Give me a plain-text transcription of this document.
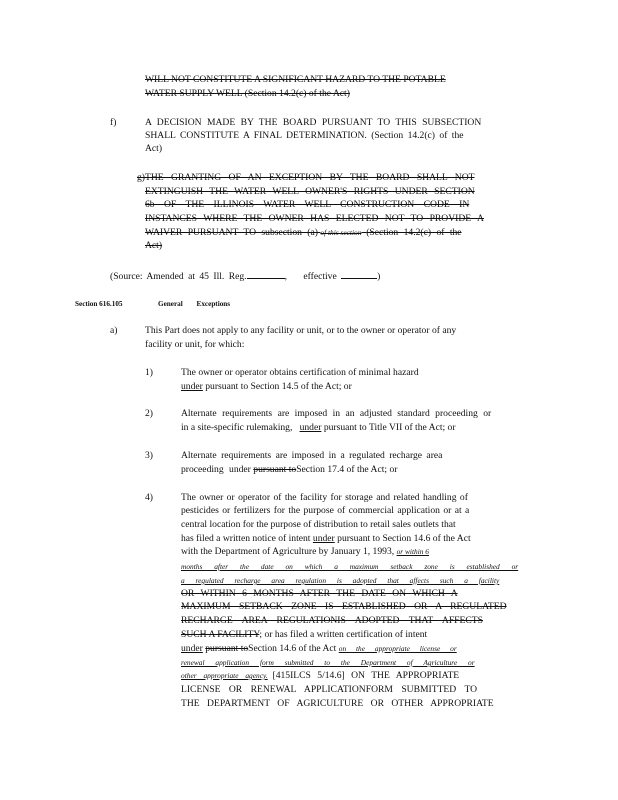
WILL NOT CONSTITUTE A SIGNIFICANT HAZARD TO THE POTABLE
WATER SUPPLY WELL (Section 14.2(c) of the Act)
f)	A DECISION MADE BY THE BOARD PURSUANT TO THIS SUBSECTION
SHALL CONSTITUTE A FINAL DETERMINATION. (Section 14.2(c) of the
Act)
g) THE GRANTING OF AN EXCEPTION BY THE BOARD SHALL NOT
EXTINGUISH THE WATER WELL OWNER'S RIGHTS UNDER SECTION
6b OF THE ILLINOIS WATER WELL CONSTRUCTION CODE IN
INSTANCES WHERE THE OWNER HAS ELECTED NOT TO PROVIDE A
WAIVER PURSUANT TO subsection (a) of this section (Section 14.2(c) of the
Act)
(Source: Amended at 45 Ill. Reg.	, effective	)
Section 616.105	General Exceptions
a)	This Part does not apply to any facility or unit, or to the owner or operator of any
facility or unit, for which:
1)	The owner or operator obtains certification of minimal hazard
under pursuant to Section 14.5 of the Act; or
2)	Alternate requirements are imposed in an adjusted standard proceeding or
in a site-specific rulemaking, under pursuant to Title VII of the Act; or
3)	Alternate requirements are imposed in a regulated recharge area
proceeding under pursuant toSection 17.4 of the Act; or
4)	The owner or operator of the facility for storage and related handling of
pesticides or fertilizers for the purpose of commercial application or at a
central location for the purpose of distribution to retail sales outlets that
has filed a written notice of intent under pursuant to Section 14.6 of the Act
with the Department of Agriculture by January 1, 1993, or within 6
months after the date on which a maximum setback zone is established or
a regulated recharge area regulation is adopted that affects such a facility
OR WITHIN 6 MONTHS AFTER THE DATE ON WHICH A
MAXIMUM SETBACK ZONE IS ESTABLISHED OR A REGULATED
RECHARGE AREA REGULATIONIS ADOPTED THAT AFFECTS
SUCH A FACILITY; or has filed a written certification of intent
under pursuant toSection 14.6 of the Act on the appropriate license or
renewal application form submitted to the Department of Agriculture or
other appropriate agency. [415ILCS 5/14.6] ON THE APPROPRIATE
LICENSE OR RENEWAL APPLICATIONFORM SUBMITTED TO
THE DEPARTMENT OF AGRICULTURE OR OTHER APPROPRIATE
